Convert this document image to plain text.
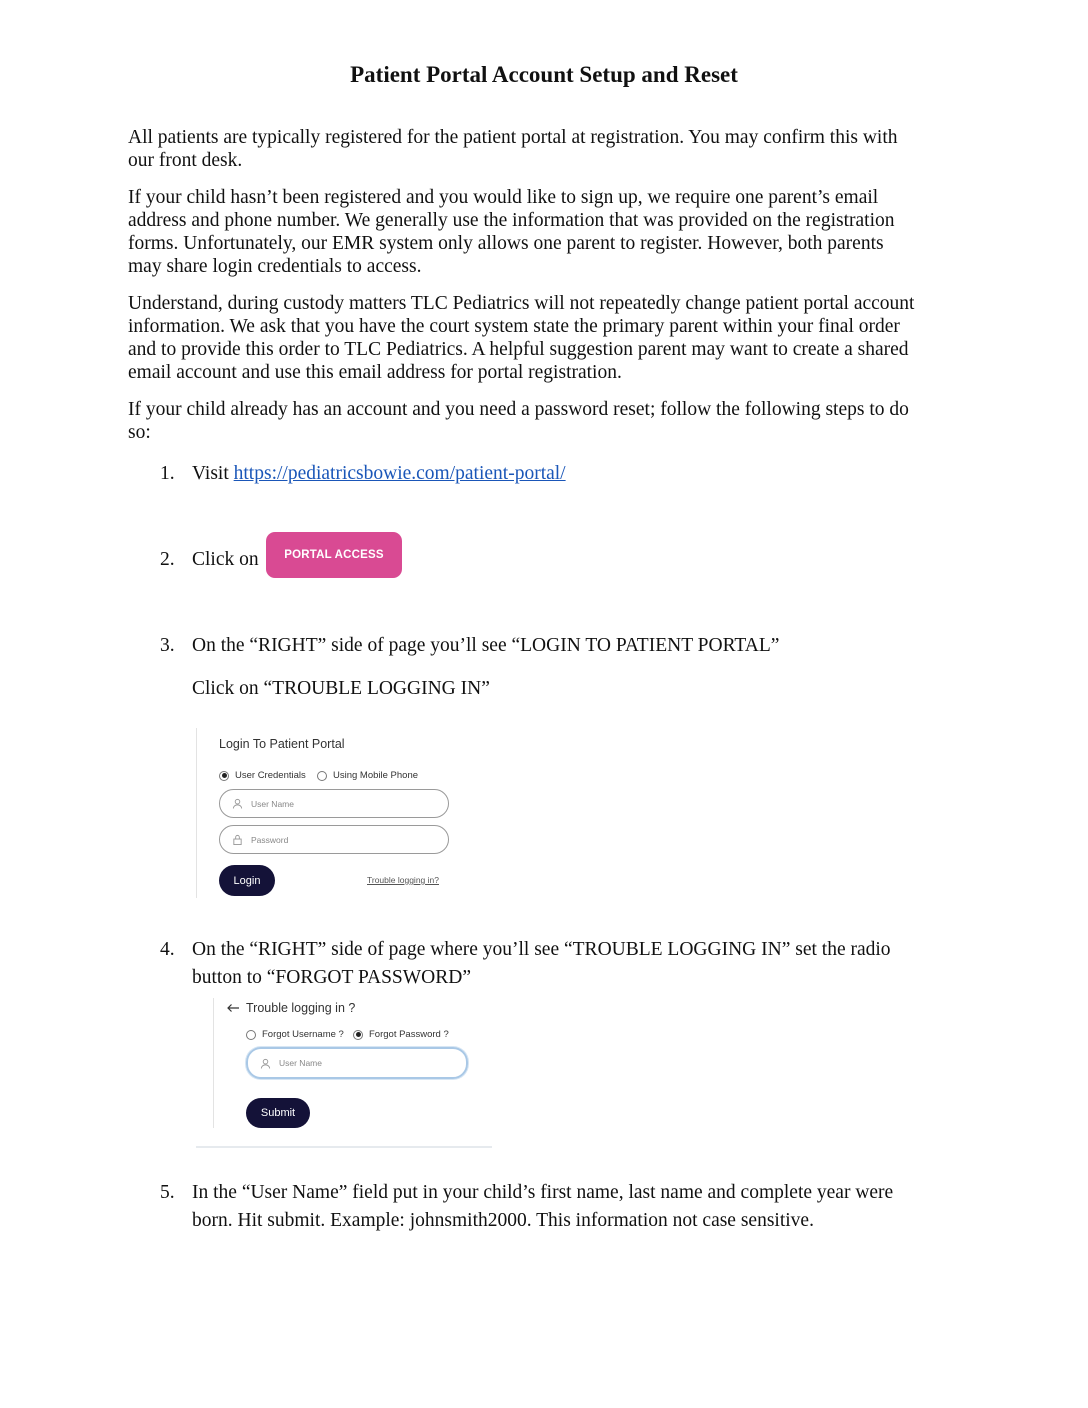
Patient Portal Account Setup and Reset

All patients are typically registered for the patient portal at registration. You may confirm this with
our front desk.

If your child hasn’t been registered and you would like to sign up, we require one parent’s email
address and phone number. We generally use the information that was provided on the registration
forms. Unfortunately, our EMR system only allows one parent to register. However, both parents
may share login credentials to access.

Understand, during custody matters TLC Pediatrics will not repeatedly change patient portal account
information. We ask that you have the court system state the primary parent within your final order
and to provide this order to TLC Pediatrics. A helpful suggestion parent may want to create a shared
email account and use this email address for portal registration.

If your child already has an account and you need a password reset; follow the following steps to do
so:

1. Visit https://pediatricsbowie.com/patient-portal/
2. Click on	PORTAL ACCESS
3. On the “RIGHT” side of page you’ll see “LOGIN TO PATIENT PORTAL”
Click on “TROUBLE LOGGING IN”
Login To Patient Portal
User Credentials	Using Mobile Phone
User Name
Password
Login	Trouble logging in?
4. On the “RIGHT” side of page where you’ll see “TROUBLE LOGGING IN” set the radio
button to “FORGOT PASSWORD”
Trouble logging in ?
Forgot Username ?	Forgot Password ?
User Name
Submit
5. In the “User Name” field put in your child’s first name, last name and complete year were
born. Hit submit. Example: johnsmith2000. This information not case sensitive.
